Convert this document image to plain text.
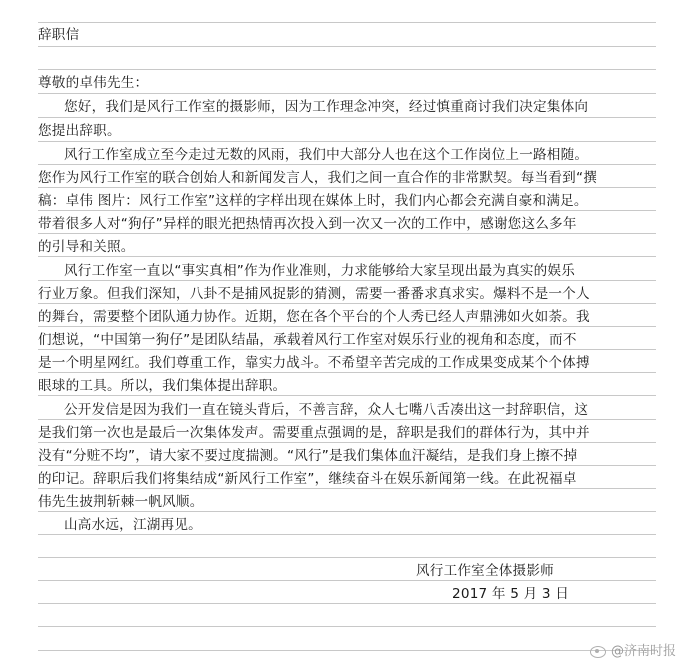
辞职信
尊敬的卓伟先生：
您好，我们是风行工作室的摄影师，因为工作理念冲突，经过慎重商讨我们决定集体向
您提出辞职。
风行工作室成立至今走过无数的风雨，我们中大部分人也在这个工作岗位上一路相随。
您作为风行工作室的联合创始人和新闻发言人，我们之间一直合作的非常默契。每当看到“撰
稿：卓伟 图片：风行工作室”这样的字样出现在媒体上时，我们内心都会充满自豪和满足。
带着很多人对“狗仔”异样的眼光把热情再次投入到一次又一次的工作中，感谢您这么多年
的引导和关照。
风行工作室一直以“事实真相”作为作业准则，力求能够给大家呈现出最为真实的娱乐
行业万象。但我们深知，八卦不是捕风捉影的猜测，需要一番番求真求实。爆料不是一个人
的舞台，需要整个团队通力协作。近期，您在各个平台的个人秀已经人声鼎沸如火如荼。我
们想说，“中国第一狗仔”是团队结晶，承载着风行工作室对娱乐行业的视角和态度，而不
是一个明星网红。我们尊重工作，靠实力战斗。不希望辛苦完成的工作成果变成某个个体搏
眼球的工具。所以，我们集体提出辞职。
公开发信是因为我们一直在镜头背后，不善言辞，众人七嘴八舌凑出这一封辞职信，这
是我们第一次也是最后一次集体发声。需要重点强调的是，辞职是我们的群体行为，其中并
没有“分赃不均”，请大家不要过度揣测。“风行”是我们集体血汗凝结，是我们身上擦不掉
的印记。辞职后我们将集结成“新风行工作室”，继续奋斗在娱乐新闻第一线。在此祝福卓
伟先生披荆斩棘一帆风顺。
山高水远，江湖再见。
风行工作室全体摄影师
2017 年 5 月 3 日
@济南时报
